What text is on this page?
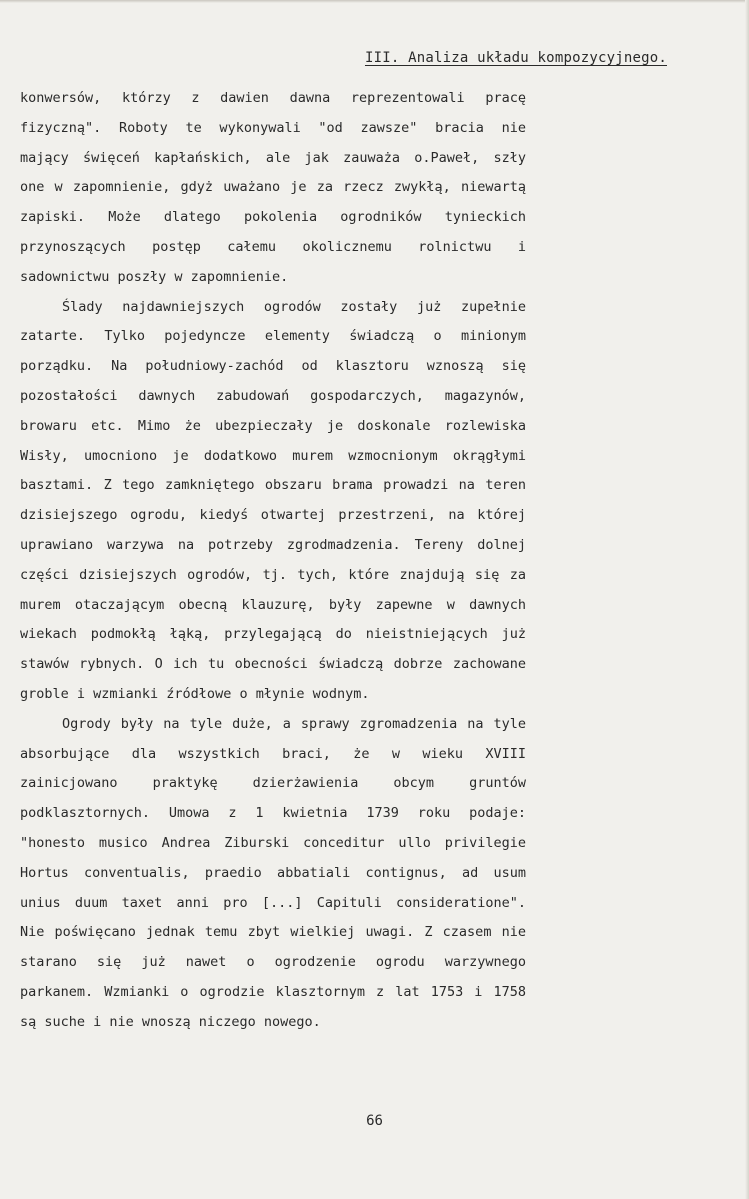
III. Analiza układu kompozycyjnego.
konwersów, którzy z dawien dawna reprezentowali pracę
fizyczną". Roboty te wykonywali "od zawsze" bracia nie
mający święceń kapłańskich, ale jak zauważa o.Paweł, szły
one w zapomnienie, gdyż uważano je za rzecz zwykłą, niewartą
zapiski. Może dlatego pokolenia ogrodników tynieckich
przynoszących postęp całemu okolicznemu rolnictwu i
sadownictwu poszły w zapomnienie.
Ślady najdawniejszych ogrodów zostały już zupełnie
zatarte. Tylko pojedyncze elementy świadczą o minionym
porządku. Na południowy-zachód od klasztoru wznoszą się
pozostałości dawnych zabudowań gospodarczych, magazynów,
browaru etc. Mimo że ubezpieczały je doskonale rozlewiska
Wisły, umocniono je dodatkowo murem wzmocnionym okrągłymi
basztami. Z tego zamkniętego obszaru brama prowadzi na teren
dzisiejszego ogrodu, kiedyś otwartej przestrzeni, na której
uprawiano warzywa na potrzeby zgrodmadzenia. Tereny dolnej
części dzisiejszych ogrodów, tj. tych, które znajdują się za
murem otaczającym obecną klauzurę, były zapewne w dawnych
wiekach podmokłą łąką, przylegającą do nieistniejących już
stawów rybnych. O ich tu obecności świadczą dobrze zachowane
groble i wzmianki źródłowe o młynie wodnym.
Ogrody były na tyle duże, a sprawy zgromadzenia na tyle
absorbujące dla wszystkich braci, że w wieku XVIII
zainicjowano praktykę dzierżawienia obcym gruntów
podklasztornych. Umowa z 1 kwietnia 1739 roku podaje:
"honesto musico Andrea Ziburski conceditur ullo privilegie
Hortus conventualis, praedio abbatiali contignus, ad usum
unius duum taxet anni pro [...] Capituli consideratione".
Nie poświęcano jednak temu zbyt wielkiej uwagi. Z czasem nie
starano się już nawet o ogrodzenie ogrodu warzywnego
parkanem. Wzmianki o ogrodzie klasztornym z lat 1753 i 1758
są suche i nie wnoszą niczego nowego.
66
